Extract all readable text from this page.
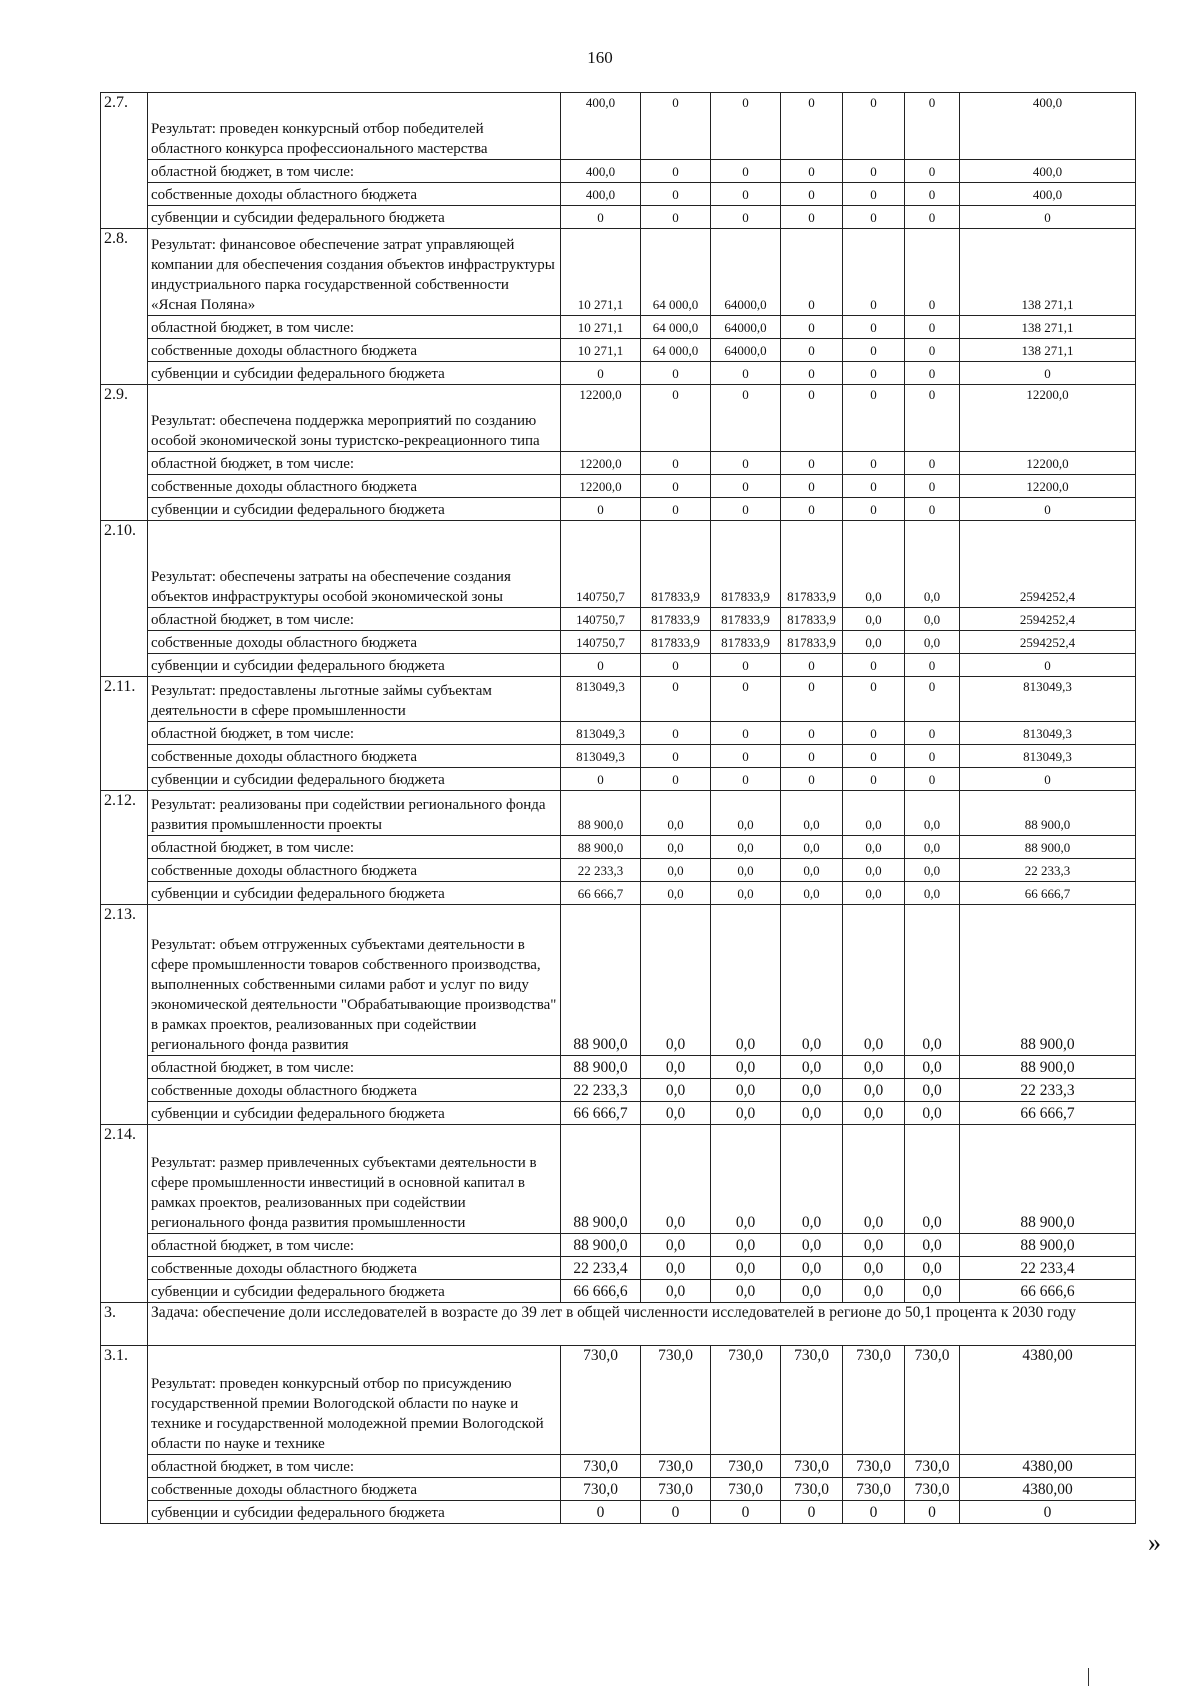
160
2.7.	Результат: проведен конкурсный отбор победителей областного конкурса профессионального мастерства	400,0	0	0	0	0	0	400,0
	областной бюджет, в том числе:	400,0	0	0	0	0	0	400,0
	собственные доходы областного бюджета	400,0	0	0	0	0	0	400,0
	субвенции и субсидии федерального бюджета	0	0	0	0	0	0	0
2.8.	Результат: финансовое обеспечение затрат управляющей компании для обеспечения создания объектов инфраструктуры индустриального парка государственной собственности «Ясная Поляна»	10 271,1	64 000,0	64000,0	0	0	0	138 271,1
	областной бюджет, в том числе:	10 271,1	64 000,0	64000,0	0	0	0	138 271,1
	собственные доходы областного бюджета	10 271,1	64 000,0	64000,0	0	0	0	138 271,1
	субвенции и субсидии федерального бюджета	0	0	0	0	0	0	0
2.9.	Результат: обеспечена поддержка мероприятий по созданию особой экономической зоны туристско-рекреационного типа	12200,0	0	0	0	0	0	12200,0
	областной бюджет, в том числе:	12200,0	0	0	0	0	0	12200,0
	собственные доходы областного бюджета	12200,0	0	0	0	0	0	12200,0
	субвенции и субсидии федерального бюджета	0	0	0	0	0	0	0
2.10.	Результат: обеспечены затраты на обеспечение создания объектов инфраструктуры особой экономической зоны	140750,7	817833,9	817833,9	817833,9	0,0	0,0	2594252,4
	областной бюджет, в том числе:	140750,7	817833,9	817833,9	817833,9	0,0	0,0	2594252,4
	собственные доходы областного бюджета	140750,7	817833,9	817833,9	817833,9	0,0	0,0	2594252,4
	субвенции и субсидии федерального бюджета	0	0	0	0	0	0	0
2.11.	Результат: предоставлены льготные займы субъектам деятельности в сфере промышленности	813049,3	0	0	0	0	0	813049,3
	областной бюджет, в том числе:	813049,3	0	0	0	0	0	813049,3
	собственные доходы областного бюджета	813049,3	0	0	0	0	0	813049,3
	субвенции и субсидии федерального бюджета	0	0	0	0	0	0	0
2.12.	Результат: реализованы при содействии регионального фонда развития промышленности проекты	88 900,0	0,0	0,0	0,0	0,0	0,0	88 900,0
	областной бюджет, в том числе:	88 900,0	0,0	0,0	0,0	0,0	0,0	88 900,0
	собственные доходы областного бюджета	22 233,3	0,0	0,0	0,0	0,0	0,0	22 233,3
	субвенции и субсидии федерального бюджета	66 666,7	0,0	0,0	0,0	0,0	0,0	66 666,7
2.13.	Результат: объем отгруженных субъектами деятельности в сфере промышленности товаров собственного производства, выполненных собственными силами работ и услуг по виду экономической деятельности "Обрабатывающие производства" в рамках проектов, реализованных при содействии регионального фонда развития	88 900,0	0,0	0,0	0,0	0,0	0,0	88 900,0
	областной бюджет, в том числе:	88 900,0	0,0	0,0	0,0	0,0	0,0	88 900,0
	собственные доходы областного бюджета	22 233,3	0,0	0,0	0,0	0,0	0,0	22 233,3
	субвенции и субсидии федерального бюджета	66 666,7	0,0	0,0	0,0	0,0	0,0	66 666,7
2.14.	Результат: размер привлеченных субъектами деятельности в сфере промышленности инвестиций в основной капитал в рамках проектов, реализованных при содействии регионального фонда развития промышленности	88 900,0	0,0	0,0	0,0	0,0	0,0	88 900,0
	областной бюджет, в том числе:	88 900,0	0,0	0,0	0,0	0,0	0,0	88 900,0
	собственные доходы областного бюджета	22 233,4	0,0	0,0	0,0	0,0	0,0	22 233,4
	субвенции и субсидии федерального бюджета	66 666,6	0,0	0,0	0,0	0,0	0,0	66 666,6
3.	Задача: обеспечение доли исследователей в возрасте до 39 лет в общей численности исследователей в регионе до 50,1 процента к 2030 году							
3.1.	Результат: проведен конкурсный отбор по присуждению государственной премии Вологодской области по науке и технике и государственной молодежной премии Вологодской области по науке и технике	730,0	730,0	730,0	730,0	730,0	730,0	4380,00
	областной бюджет, в том числе:	730,0	730,0	730,0	730,0	730,0	730,0	4380,00
	собственные доходы областного бюджета	730,0	730,0	730,0	730,0	730,0	730,0	4380,00
	субвенции и субсидии федерального бюджета	0	0	0	0	0	0	0
»
